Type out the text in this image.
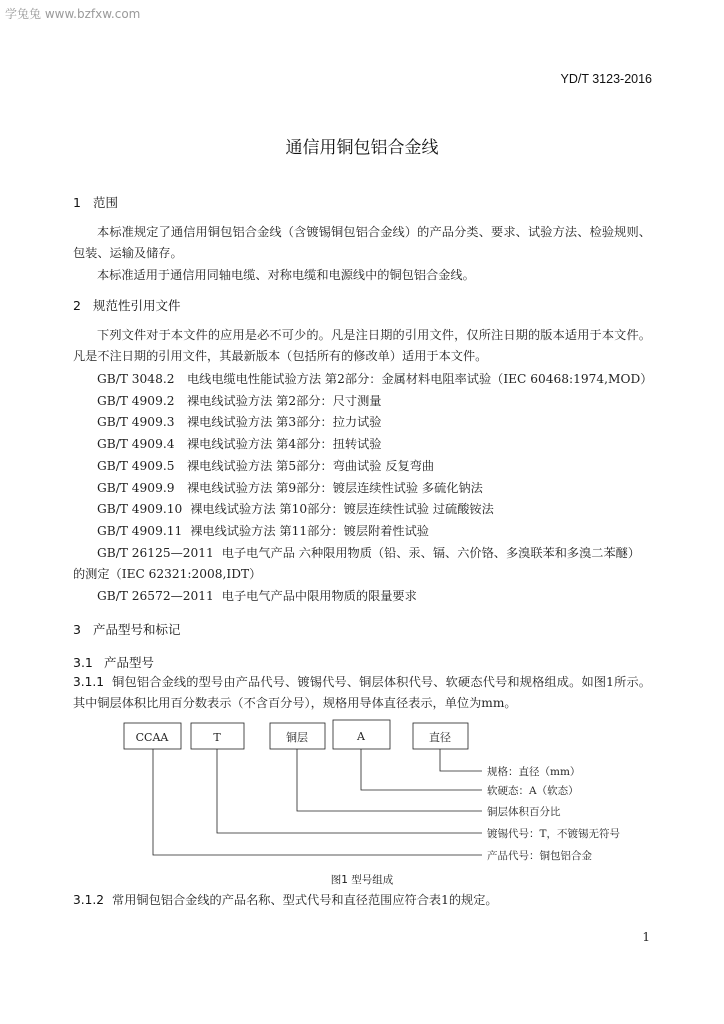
学兔兔 www.bzfxw.com
YD/T 3123-2016
通信用铜包铝合金线
1 范围
本标准规定了通信用铜包铝合金线（含镀锡铜包铝合金线）的产品分类、要求、试验方法、检验规则、包装、运输及储存。
本标准适用于通信用同轴电缆、对称电缆和电源线中的铜包铝合金线。
2 规范性引用文件
下列文件对于本文件的应用是必不可少的。凡是注日期的引用文件，仅所注日期的版本适用于本文件。凡是不注日期的引用文件，其最新版本（包括所有的修改单）适用于本文件。
GB/T 3048.2 电线电缆电性能试验方法 第2部分：金属材料电阻率试验（IEC 60468:1974,MOD）
GB/T 4909.2 裸电线试验方法 第2部分：尺寸测量
GB/T 4909.3 裸电线试验方法 第3部分：拉力试验
GB/T 4909.4 裸电线试验方法 第4部分：扭转试验
GB/T 4909.5 裸电线试验方法 第5部分：弯曲试验 反复弯曲
GB/T 4909.9 裸电线试验方法 第9部分：镀层连续性试验 多硫化钠法
GB/T 4909.10 裸电线试验方法 第10部分：镀层连续性试验 过硫酸铵法
GB/T 4909.11 裸电线试验方法 第11部分：镀层附着性试验
GB/T 26125—2011 电子电气产品 六种限用物质（铅、汞、镉、六价铬、多溴联苯和多溴二苯醚）
的测定（IEC 62321:2008,IDT）
GB/T 26572—2011 电子电气产品中限用物质的限量要求
3 产品型号和标记
3.1 产品型号
3.1.1 铜包铝合金线的型号由产品代号、镀锡代号、铜层体积代号、软硬态代号和规格组成。如图1所示。其中铜层体积比用百分数表示（不含百分号），规格用导体直径表示，单位为mm。
CCAA	T	铜层	A	直径
规格：直径（mm）
软硬态：A（软态）
铜层体积百分比
镀锡代号：T，不镀锡无符号
产品代号：铜包铝合金
图1 型号组成
3.1.2 常用铜包铝合金线的产品名称、型式代号和直径范围应符合表1的规定。
1
